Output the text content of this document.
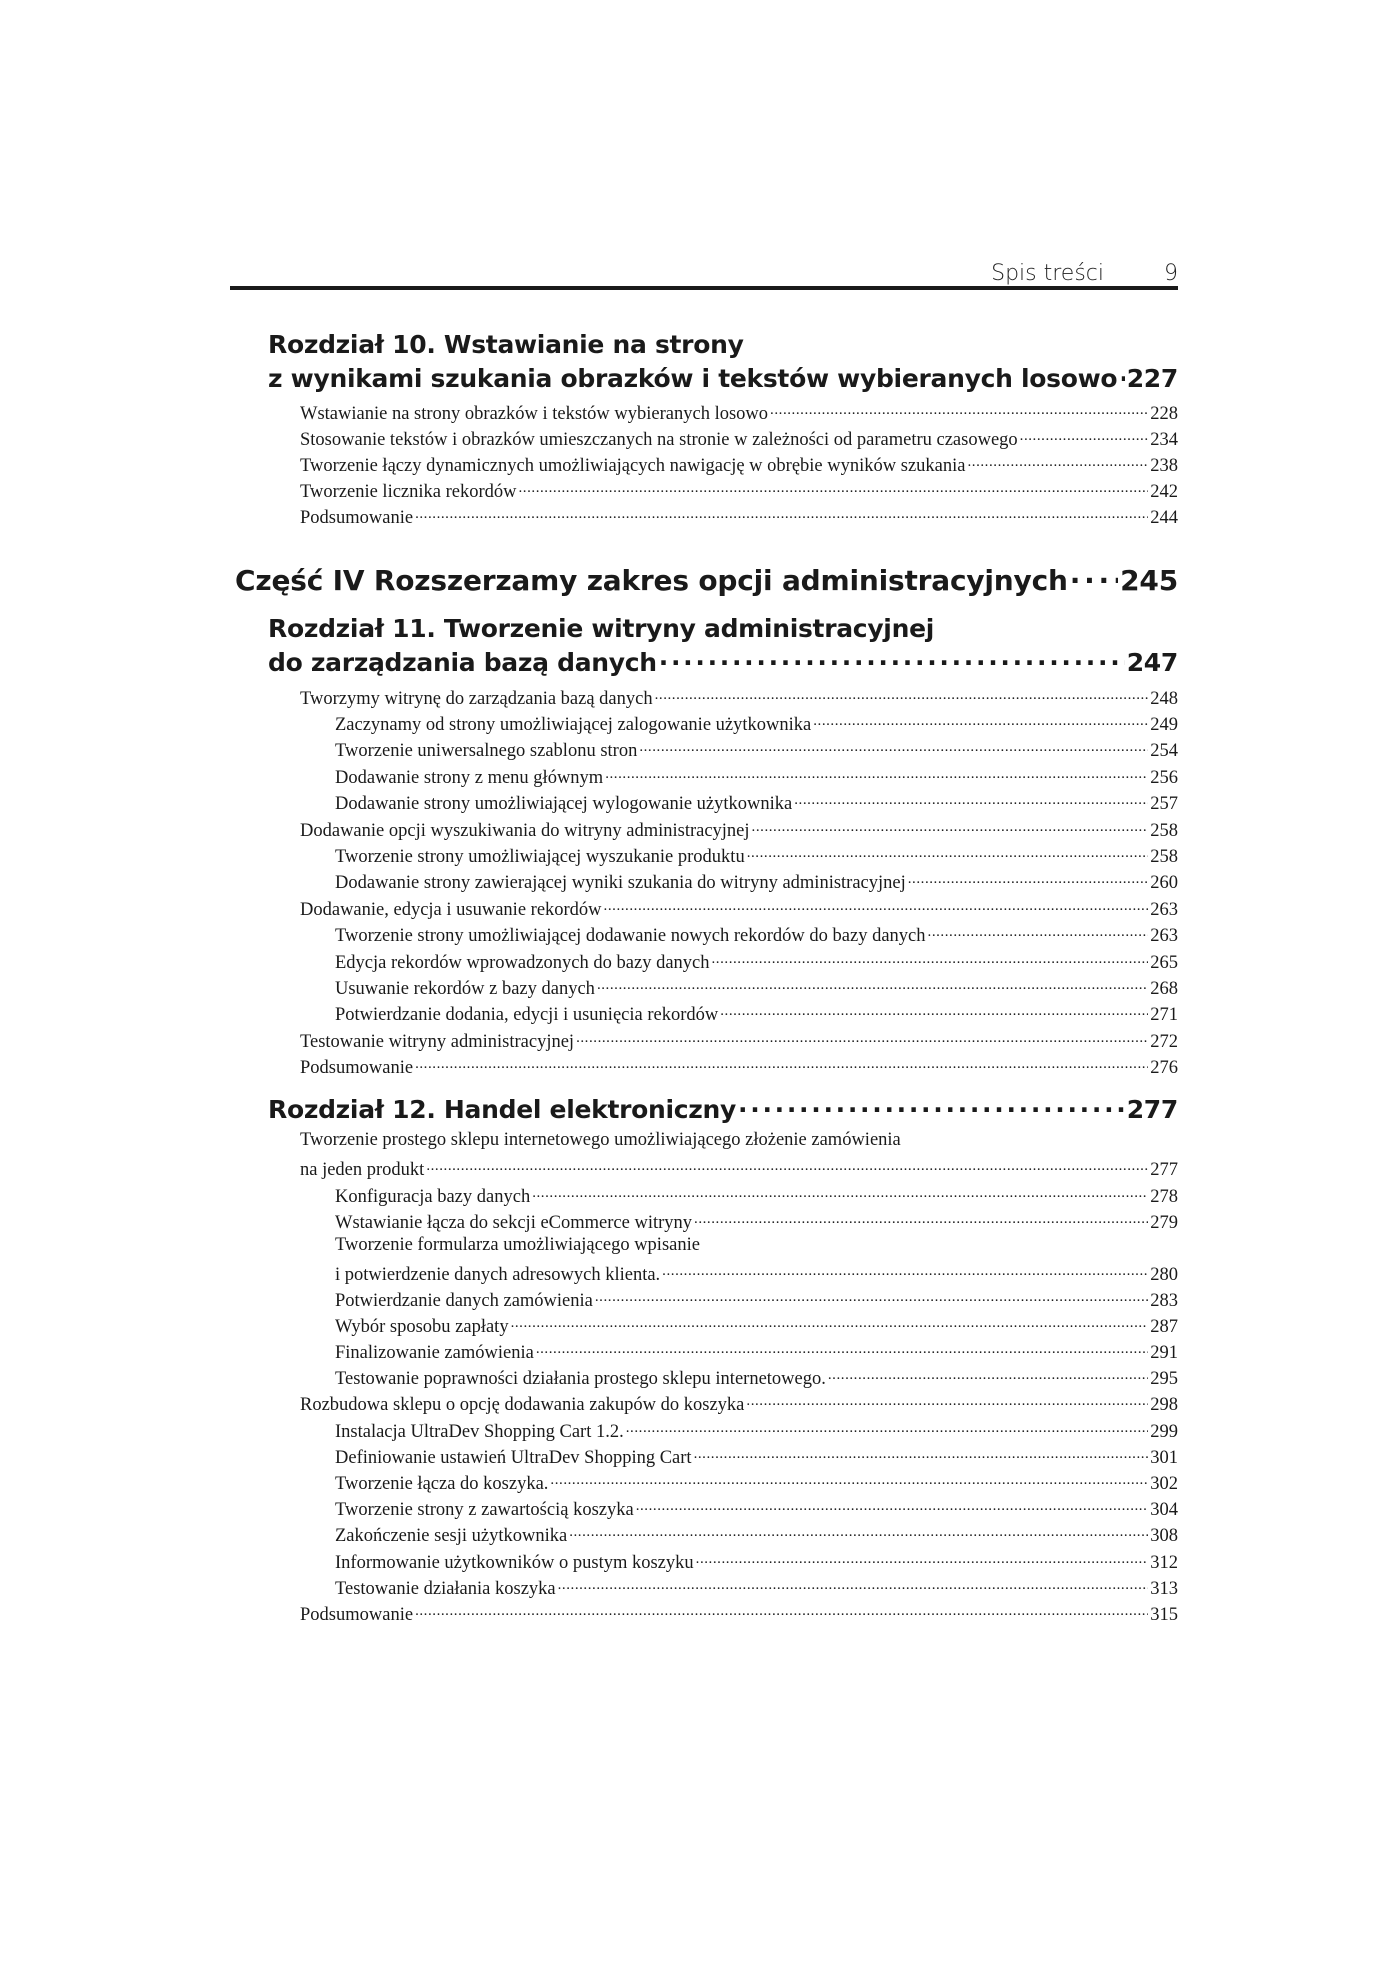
Spis treści	9
Rozdział 10. Wstawianie na strony
z wynikami szukania obrazków i tekstów wybieranych losowo . . . 227
Wstawianie na strony obrazków i tekstów wybieranych losowo . . .	228
Stosowanie tekstów i obrazków umieszczanych na stronie w zależności od parametru czasowego . . .	234
Tworzenie łączy dynamicznych umożliwiających nawigację w obrębie wyników szukania . . .	238
Tworzenie licznika rekordów . . .	242
Podsumowanie . . .	244
Część IV Rozszerzamy zakres opcji administracyjnych . . . 245
Rozdział 11. Tworzenie witryny administracyjnej
do zarządzania bazą danych . . .	247
Tworzymy witrynę do zarządzania bazą danych . . .	248
Zaczynamy od strony umożliwiającej zalogowanie użytkownika . . .	249
Tworzenie uniwersalnego szablonu stron . . .	254
Dodawanie strony z menu głównym . . .	256
Dodawanie strony umożliwiającej wylogowanie użytkownika . . .	257
Dodawanie opcji wyszukiwania do witryny administracyjnej . . .	258
Tworzenie strony umożliwiającej wyszukanie produktu . . .	258
Dodawanie strony zawierającej wyniki szukania do witryny administracyjnej . . .	260
Dodawanie, edycja i usuwanie rekordów . . .	263
Tworzenie strony umożliwiającej dodawanie nowych rekordów do bazy danych . . .	263
Edycja rekordów wprowadzonych do bazy danych . . .	265
Usuwanie rekordów z bazy danych . . .	268
Potwierdzanie dodania, edycji i usunięcia rekordów . . .	271
Testowanie witryny administracyjnej . . .	272
Podsumowanie . . .	276
Rozdział 12. Handel elektroniczny . . .	277
Tworzenie prostego sklepu internetowego umożliwiającego złożenie zamówienia
na jeden produkt . . .	277
Konfiguracja bazy danych . . .	278
Wstawianie łącza do sekcji eCommerce witryny . . .	279
Tworzenie formularza umożliwiającego wpisanie
i potwierdzenie danych adresowych klienta. . . .	280
Potwierdzanie danych zamówienia . . .	283
Wybór sposobu zapłaty . . .	287
Finalizowanie zamówienia . . .	291
Testowanie poprawności działania prostego sklepu internetowego. . . .	295
Rozbudowa sklepu o opcję dodawania zakupów do koszyka . . .	298
Instalacja UltraDev Shopping Cart 1.2. . . .	299
Definiowanie ustawień UltraDev Shopping Cart . . .	301
Tworzenie łącza do koszyka. . . .	302
Tworzenie strony z zawartością koszyka . . .	304
Zakończenie sesji użytkownika . . .	308
Informowanie użytkowników o pustym koszyku . . .	312
Testowanie działania koszyka . . .	313
Podsumowanie . . .	315
